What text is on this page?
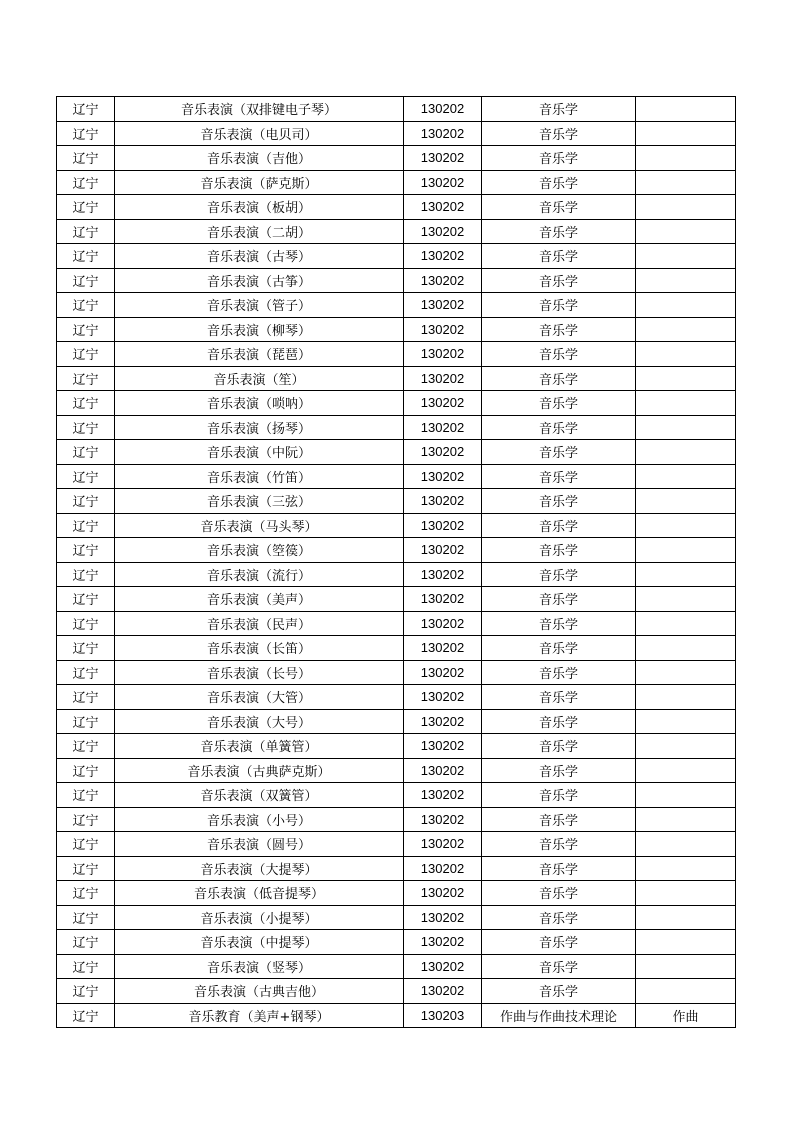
辽宁	音乐表演（双排键电子琴）	130202	音乐学	
辽宁	音乐表演（电贝司）	130202	音乐学	
辽宁	音乐表演（吉他）	130202	音乐学	
辽宁	音乐表演（萨克斯）	130202	音乐学	
辽宁	音乐表演（板胡）	130202	音乐学	
辽宁	音乐表演（二胡）	130202	音乐学	
辽宁	音乐表演（古琴）	130202	音乐学	
辽宁	音乐表演（古筝）	130202	音乐学	
辽宁	音乐表演（管子）	130202	音乐学	
辽宁	音乐表演（柳琴）	130202	音乐学	
辽宁	音乐表演（琵琶）	130202	音乐学	
辽宁	音乐表演（笙）	130202	音乐学	
辽宁	音乐表演（唢呐）	130202	音乐学	
辽宁	音乐表演（扬琴）	130202	音乐学	
辽宁	音乐表演（中阮）	130202	音乐学	
辽宁	音乐表演（竹笛）	130202	音乐学	
辽宁	音乐表演（三弦）	130202	音乐学	
辽宁	音乐表演（马头琴）	130202	音乐学	
辽宁	音乐表演（箜篌）	130202	音乐学	
辽宁	音乐表演（流行）	130202	音乐学	
辽宁	音乐表演（美声）	130202	音乐学	
辽宁	音乐表演（民声）	130202	音乐学	
辽宁	音乐表演（长笛）	130202	音乐学	
辽宁	音乐表演（长号）	130202	音乐学	
辽宁	音乐表演（大管）	130202	音乐学	
辽宁	音乐表演（大号）	130202	音乐学	
辽宁	音乐表演（单簧管）	130202	音乐学	
辽宁	音乐表演（古典萨克斯）	130202	音乐学	
辽宁	音乐表演（双簧管）	130202	音乐学	
辽宁	音乐表演（小号）	130202	音乐学	
辽宁	音乐表演（圆号）	130202	音乐学	
辽宁	音乐表演（大提琴）	130202	音乐学	
辽宁	音乐表演（低音提琴）	130202	音乐学	
辽宁	音乐表演（小提琴）	130202	音乐学	
辽宁	音乐表演（中提琴）	130202	音乐学	
辽宁	音乐表演（竖琴）	130202	音乐学	
辽宁	音乐表演（古典吉他）	130202	音乐学	
辽宁	音乐教育（美声+钢琴）	130203	作曲与作曲技术理论	作曲
